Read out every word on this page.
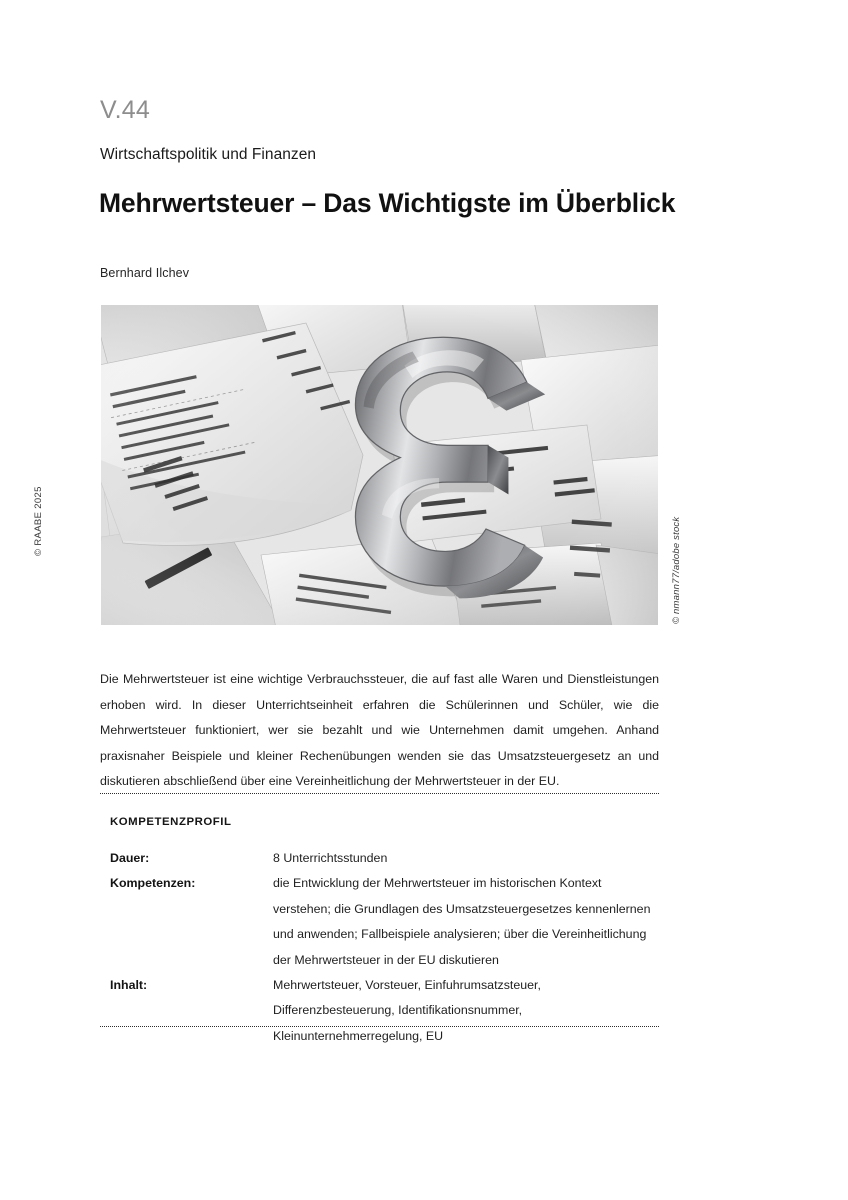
© RAABE 2025
V.44
Wirtschaftspolitik und Finanzen
Mehrwertsteuer – Das Wichtigste im Überblick
Bernhard Ilchev
© nmann77/adobe stock

Die Mehrwertsteuer ist eine wichtige Verbrauchssteuer, die auf fast alle Waren und Dienstleistungen erhoben wird. In dieser Unterrichtseinheit erfahren die Schülerinnen und Schüler, wie die Mehrwertsteuer funktioniert, wer sie bezahlt und wie Unternehmen damit umgehen. Anhand praxisnaher Beispiele und kleiner Rechenübungen wenden sie das Umsatzsteuergesetz an und diskutieren abschließend über eine Vereinheitlichung der Mehrwertsteuer in der EU.

KOMPETENZPROFIL
Dauer:	8 Unterrichtsstunden
Kompetenzen:	die Entwicklung der Mehrwertsteuer im historischen Kontext verstehen; die Grundlagen des Umsatzsteuergesetzes kennenlernen und anwenden; Fallbeispiele analysieren; über die Vereinheitlichung der Mehrwertsteuer in der EU diskutieren
Inhalt:	Mehrwertsteuer, Vorsteuer, Einfuhrumsatzsteuer, Differenzbesteuerung, Identifikationsnummer, Kleinunternehmerregelung, EU
